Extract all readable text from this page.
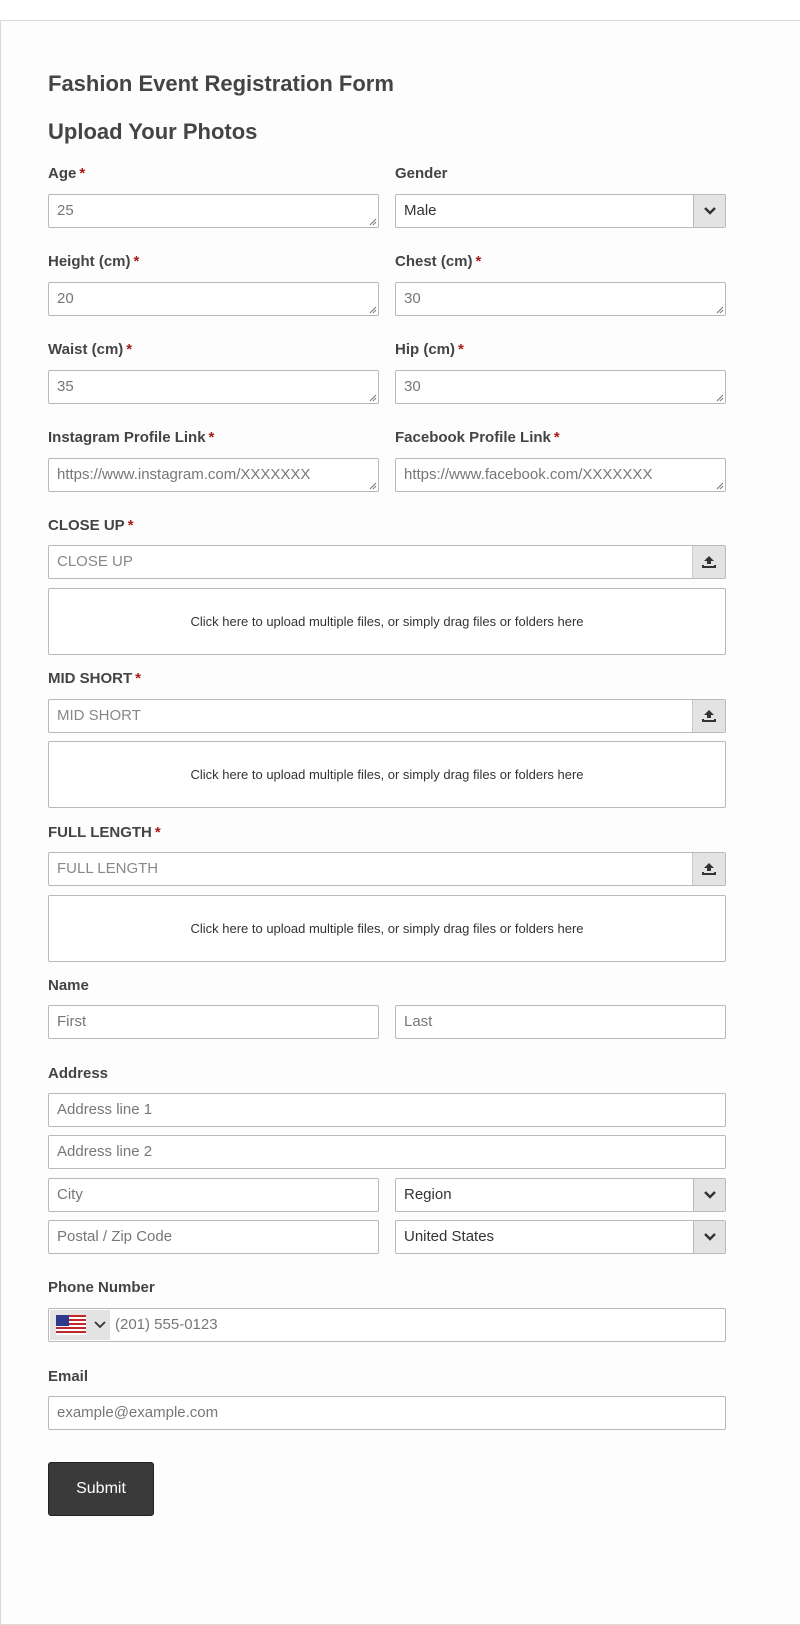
Fashion Event Registration Form
Upload Your Photos
Age *	Gender
25	Male
Height (cm) *	Chest (cm) *
20	30
Waist (cm) *	Hip (cm) *
35	30
Instagram Profile Link *	Facebook Profile Link *
https://www.instagram.com/XXXXXXX	https://www.facebook.com/XXXXXXX
CLOSE UP *
CLOSE UP
Click here to upload multiple files, or simply drag files or folders here
MID SHORT *
MID SHORT
Click here to upload multiple files, or simply drag files or folders here
FULL LENGTH *
FULL LENGTH
Click here to upload multiple files, or simply drag files or folders here
Name
First	Last
Address
Address line 1
Address line 2
City	Region
Postal / Zip Code	United States
Phone Number
(201) 555-0123
Email
example@example.com
Submit
